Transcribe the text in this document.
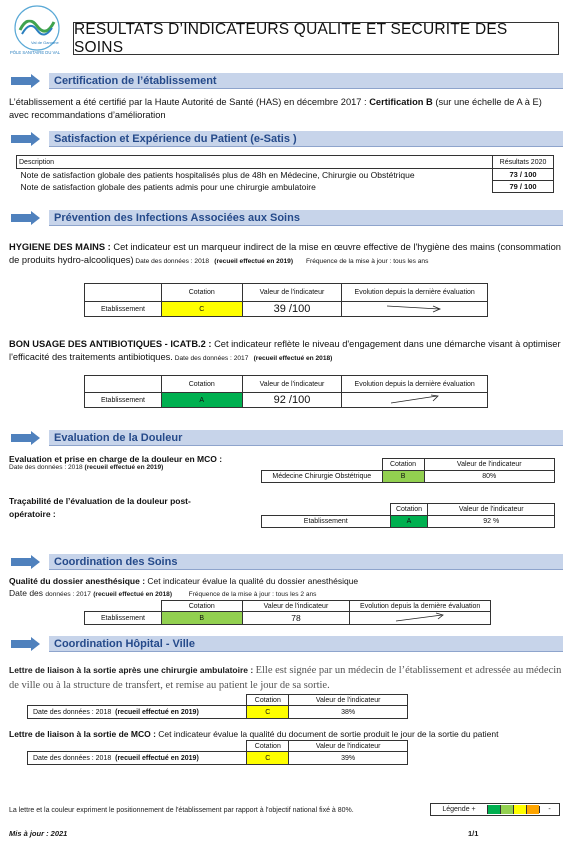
Val de Garonne
PÔLE SANITAIRE DU VAL
RESULTATS D’INDICATEURS QUALITE ET SECURITE DES SOINS
Certification de l’établissement
L’établissement a été certifié par la Haute Autorité de Santé (HAS) en décembre 2017 : Certification B (sur une échelle de A à E) avec recommandations d’amélioration
Satisfaction et Expérience du Patient (e-Satis )
Description	Résultats 2020
Note de satisfaction globale des patients hospitalisés plus de 48h en Médecine, Chirurgie ou Obstétrique	73 / 100
Note de satisfaction globale des patients admis pour une chirurgie ambulatoire	79 / 100
Prévention des Infections Associées aux Soins
HYGIENE DES MAINS : Cet indicateur est un marqueur indirect de la mise en œuvre effective de l'hygiène des mains (consommation de produits hydro-alcooliques) Date des données : 2018 (recueil effectué en 2019) Fréquence de la mise à jour : tous les ans
	Cotation	Valeur de l'indicateur	Evolution depuis la dernière évaluation
Etablissement	C	39 /100	
BON USAGE DES ANTIBIOTIQUES - ICATB.2 : Cet indicateur reflète le niveau d'engagement dans une démarche visant à optimiser l'efficacité des traitements antibiotiques. Date des données : 2017 (recueil effectué en 2018)
	Cotation	Valeur de l'indicateur	Evolution depuis la dernière évaluation
Etablissement	A	92 /100	
Evaluation de la Douleur
Evaluation et prise en charge de la douleur en MCO :
Date des données : 2018 (recueil effectué en 2019)
		Cotation	Valeur de l'indicateur
Médecine Chirurgie Obstétrique	B	80%
Traçabilité de l’évaluation de la douleur post-opératoire :
		Cotation	Valeur de l'indicateur
Etablissement	A	92 %
Coordination des Soins
Qualité du dossier anesthésique : Cet indicateur évalue la qualité du dossier anesthésique
Date des données : 2017 (recueil effectué en 2018)	Fréquence de la mise à jour : tous les 2 ans
	Cotation	Valeur de l'indicateur	Evolution depuis la dernière évaluation
Etablissement	B	78	
Coordination Hôpital - Ville
Lettre de liaison à la sortie après une chirurgie ambulatoire : Elle est signée par un médecin de l’établissement et adressée au médecin de ville ou à la structure de transfert, et remise au patient le jour de sa sortie.
	Cotation	Valeur de l'indicateur
Date des données : 2018 (recueil effectué en 2019)	C	38%
Lettre de liaison à la sortie de MCO : Cet indicateur évalue la qualité du document de sortie produit le jour de la sortie du patient
	Cotation	Valeur de l'indicateur
Date des données : 2018 (recueil effectué en 2019)	C	39%
La lettre et la couleur expriment le positionnement de l'établissement par rapport à l'objectif national fixé à 80%.	Légende +	-
Mis à jour : 2021	1/1
